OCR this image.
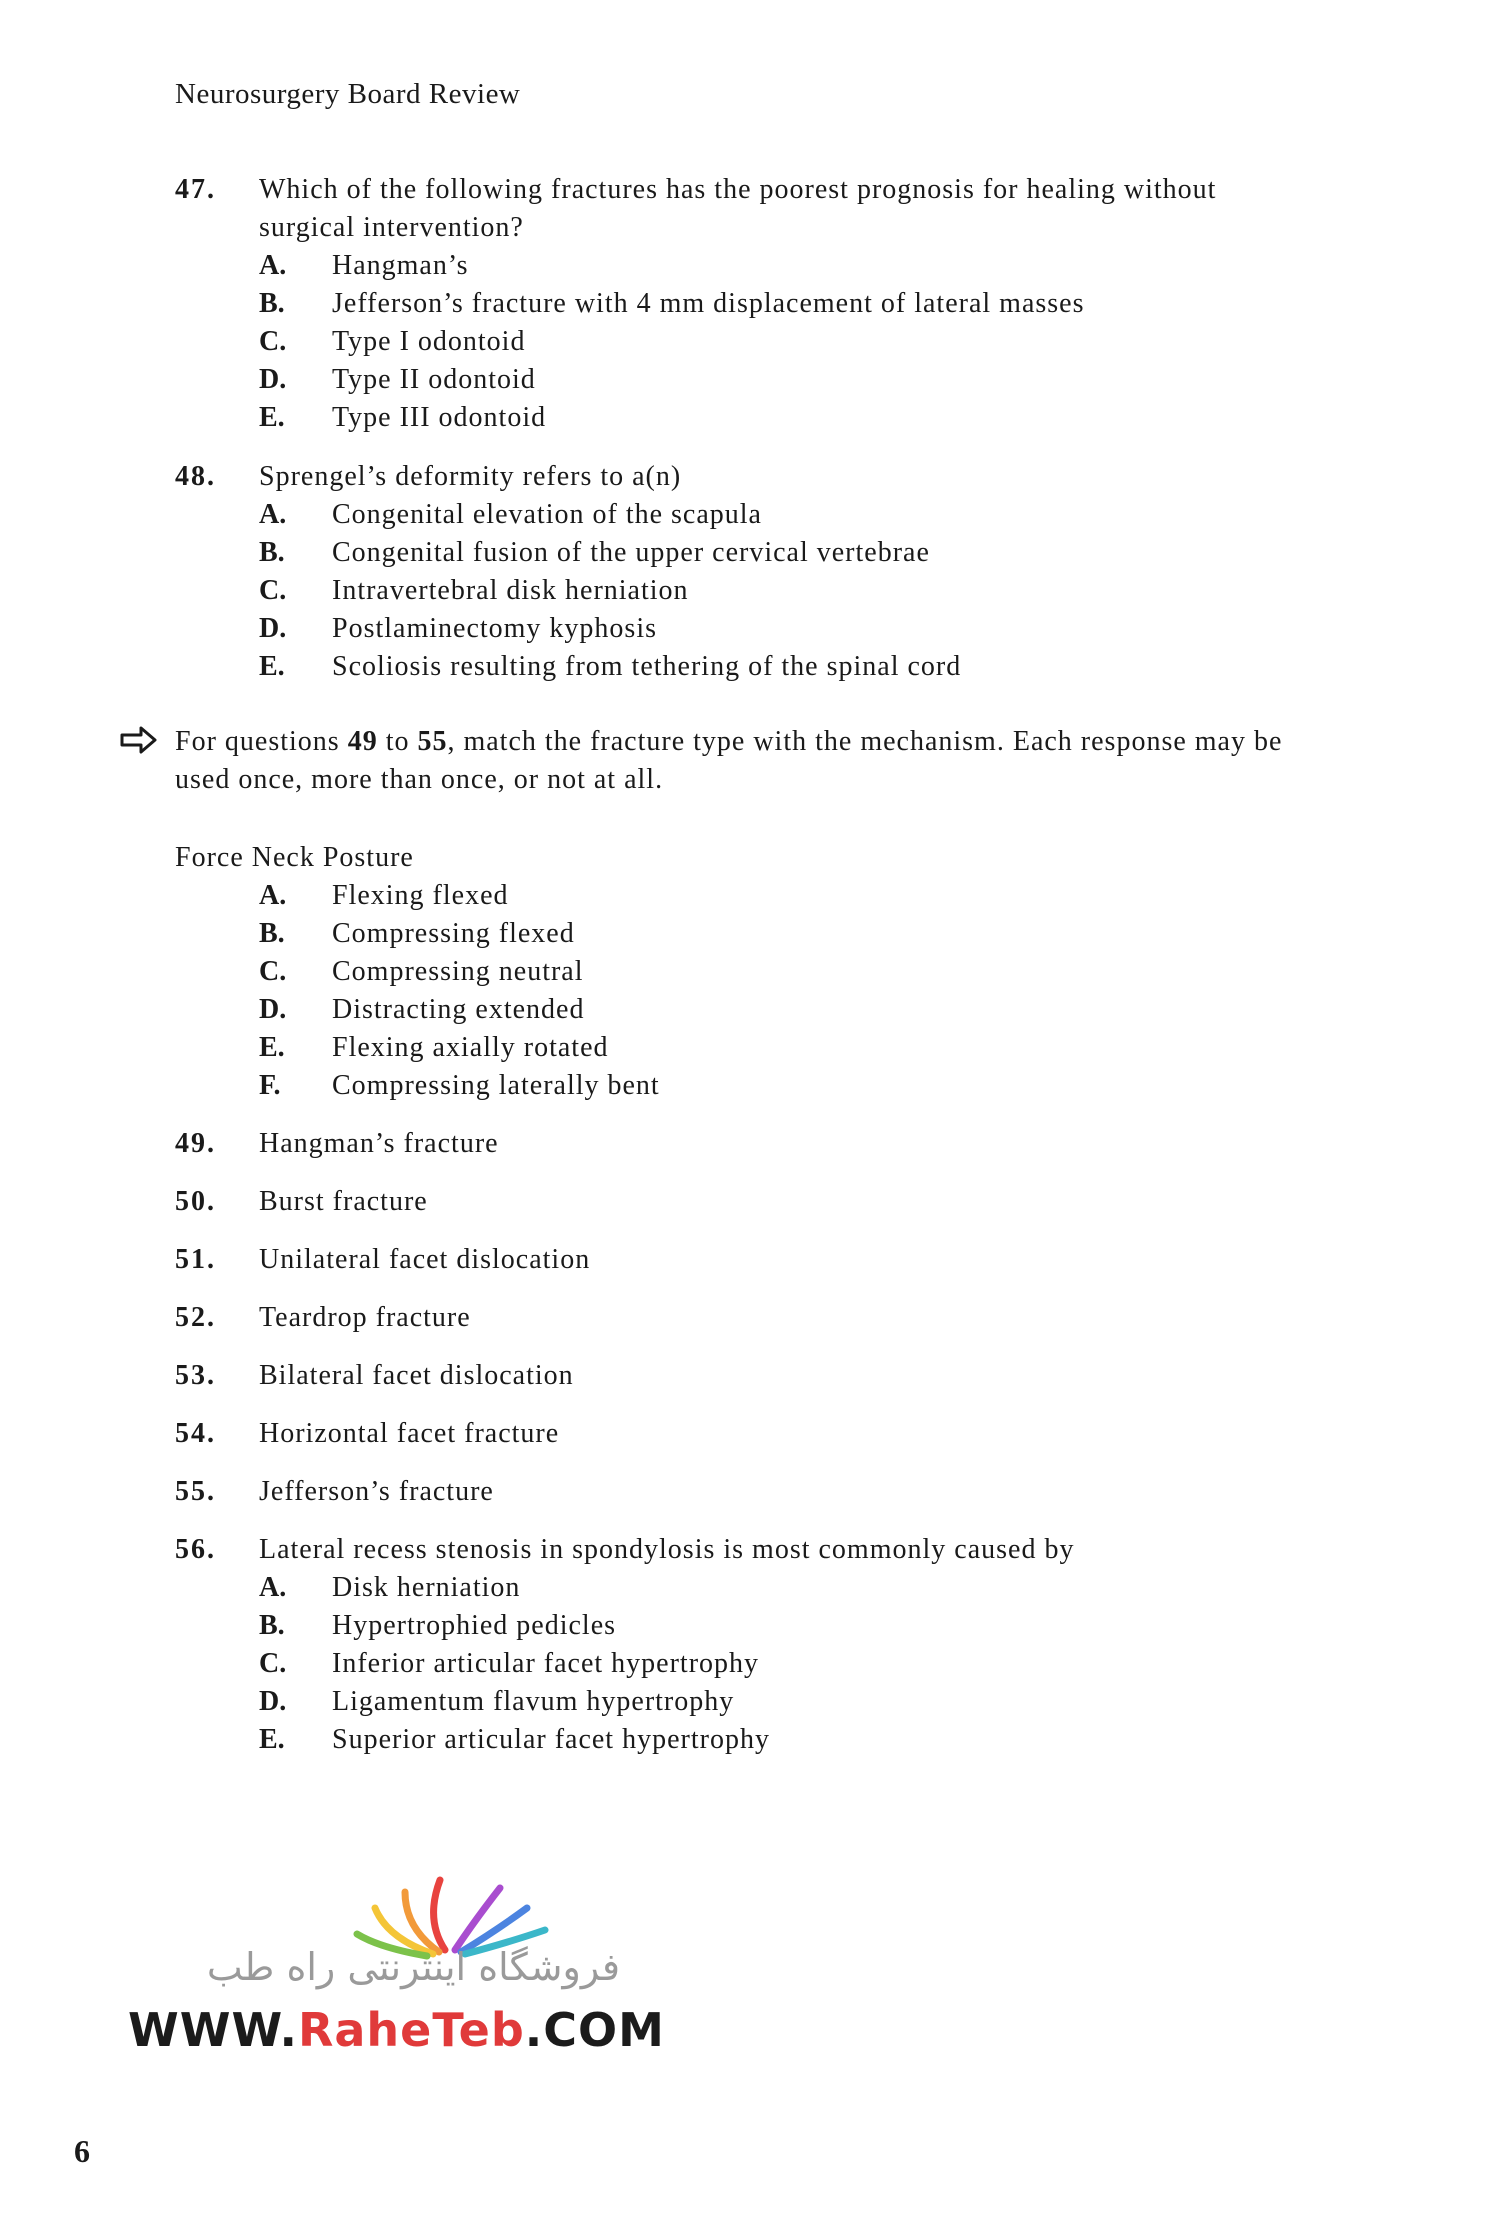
Neurosurgery Board Review
47. Which of the following fractures has the poorest prognosis for healing without surgical intervention?
A. Hangman’s
B. Jefferson’s fracture with 4 mm displacement of lateral masses
C. Type I odontoid
D. Type II odontoid
E. Type III odontoid
48. Sprengel’s deformity refers to a(n)
A. Congenital elevation of the scapula
B. Congenital fusion of the upper cervical vertebrae
C. Intravertebral disk herniation
D. Postlaminectomy kyphosis
E. Scoliosis resulting from tethering of the spinal cord
For questions 49 to 55, match the fracture type with the mechanism. Each response may be used once, more than once, or not at all.
Force Neck Posture
A. Flexing flexed
B. Compressing flexed
C. Compressing neutral
D. Distracting extended
E. Flexing axially rotated
F. Compressing laterally bent
49. Hangman’s fracture
50. Burst fracture
51. Unilateral facet dislocation
52. Teardrop fracture
53. Bilateral facet dislocation
54. Horizontal facet fracture
55. Jefferson’s fracture
56. Lateral recess stenosis in spondylosis is most commonly caused by
A. Disk herniation
B. Hypertrophied pedicles
C. Inferior articular facet hypertrophy
D. Ligamentum flavum hypertrophy
E. Superior articular facet hypertrophy
فروشگاه اینترنتی راه طب
WWW.RaheTeb.COM
6
